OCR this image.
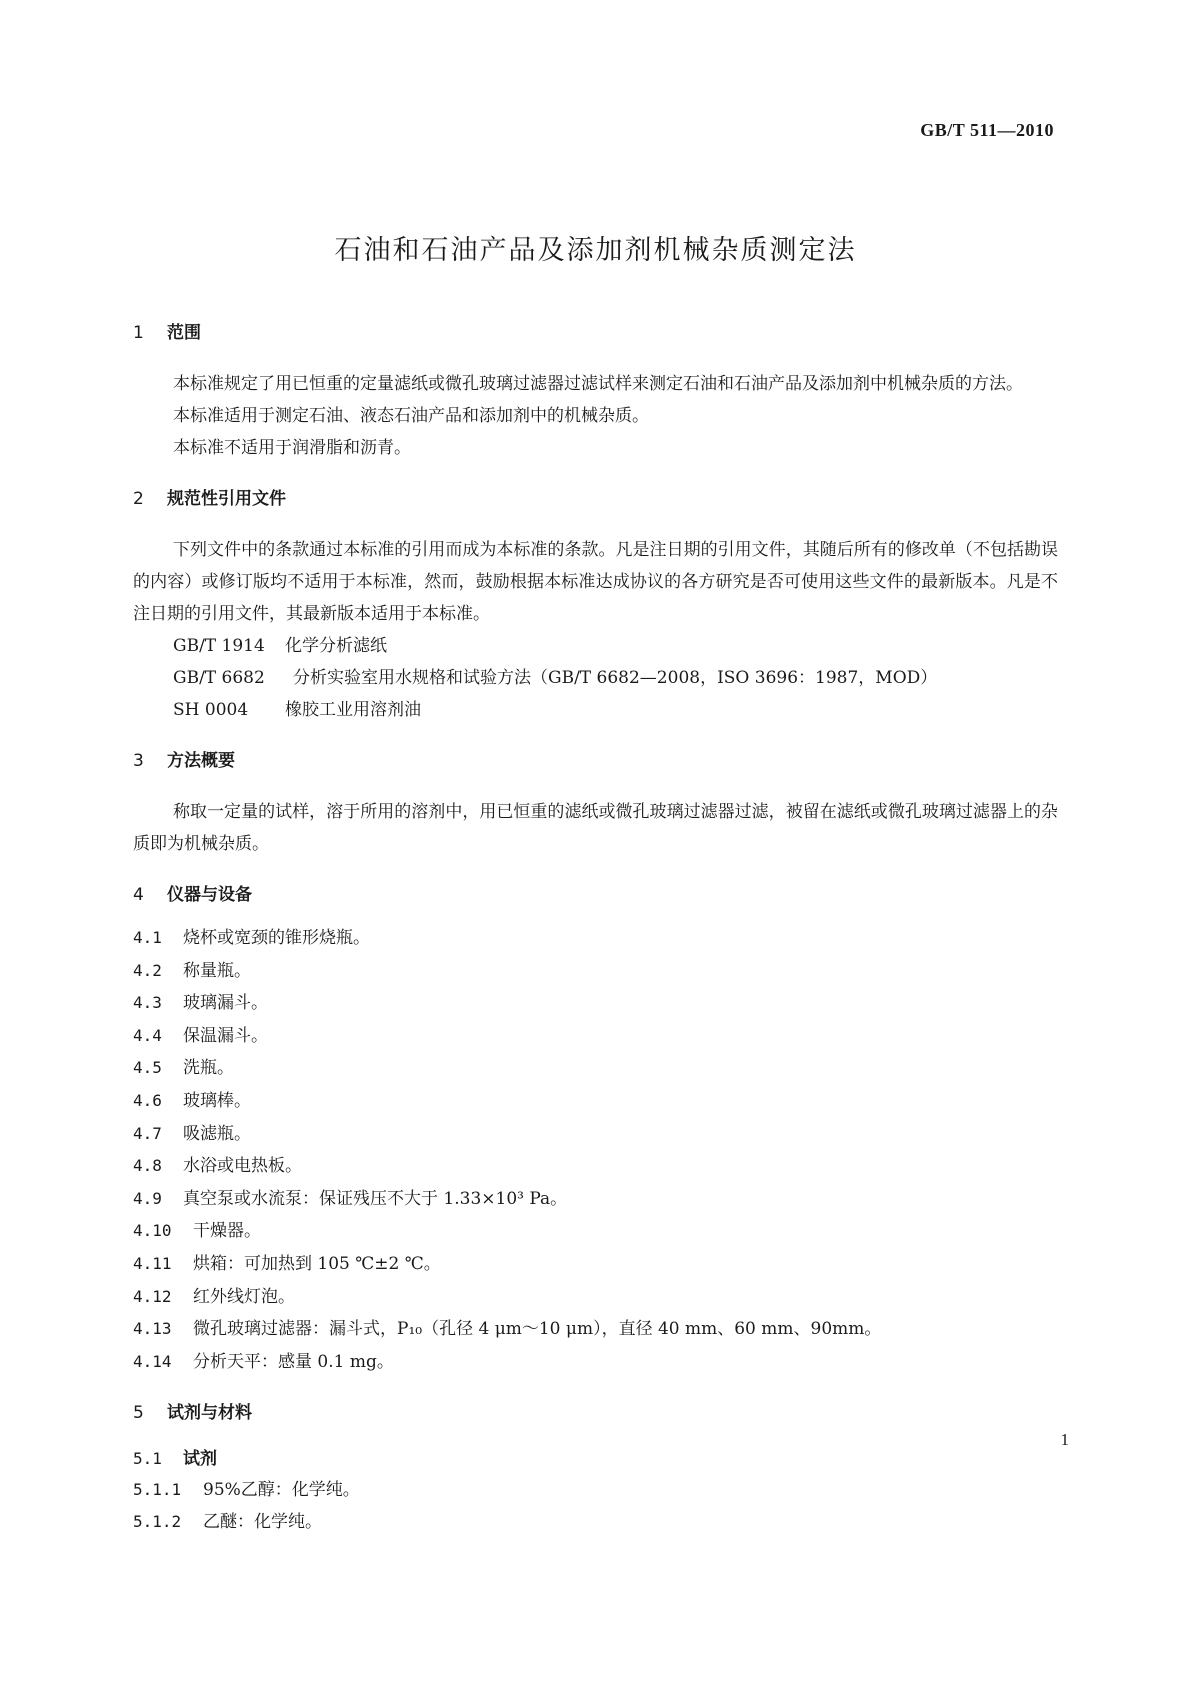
GB/T 511—2010
石油和石油产品及添加剂机械杂质测定法
1 范围

本标准规定了用已恒重的定量滤纸或微孔玻璃过滤器过滤试样来测定石油和石油产品及添加剂中机械杂质的方法。

本标准适用于测定石油、液态石油产品和添加剂中的机械杂质。

本标准不适用于润滑脂和沥青。

2 规范性引用文件

下列文件中的条款通过本标准的引用而成为本标准的条款。凡是注日期的引用文件，其随后所有的修改单（不包括勘误的内容）或修订版均不适用于本标准，然而，鼓励根据本标准达成协议的各方研究是否可使用这些文件的最新版本。凡是不注日期的引用文件，其最新版本适用于本标准。

GB/T 1914 化学分析滤纸

GB/T 6682 分析实验室用水规格和试验方法（GB/T 6682—2008，ISO 3696：1987，MOD）

SH 0004 橡胶工业用溶剂油

3 方法概要

称取一定量的试样，溶于所用的溶剂中，用已恒重的滤纸或微孔玻璃过滤器过滤，被留在滤纸或微孔玻璃过滤器上的杂质即为机械杂质。

4 仪器与设备

4.1 烧杯或宽颈的锥形烧瓶。

4.2 称量瓶。

4.3 玻璃漏斗。

4.4 保温漏斗。

4.5 洗瓶。

4.6 玻璃棒。

4.7 吸滤瓶。

4.8 水浴或电热板。

4.9 真空泵或水流泵：保证残压不大于 1.33×10³ Pa。

4.10 干燥器。

4.11 烘箱：可加热到 105 ℃±2 ℃。

4.12 红外线灯泡。

4.13 微孔玻璃过滤器：漏斗式，P₁₀（孔径 4 μm～10 μm），直径 40 mm、60 mm、90mm。

4.14 分析天平：感量 0.1 mg。

5 试剂与材料
5.1 试剂

5.1.1 95%乙醇：化学纯。

5.1.2 乙醚：化学纯。

1
